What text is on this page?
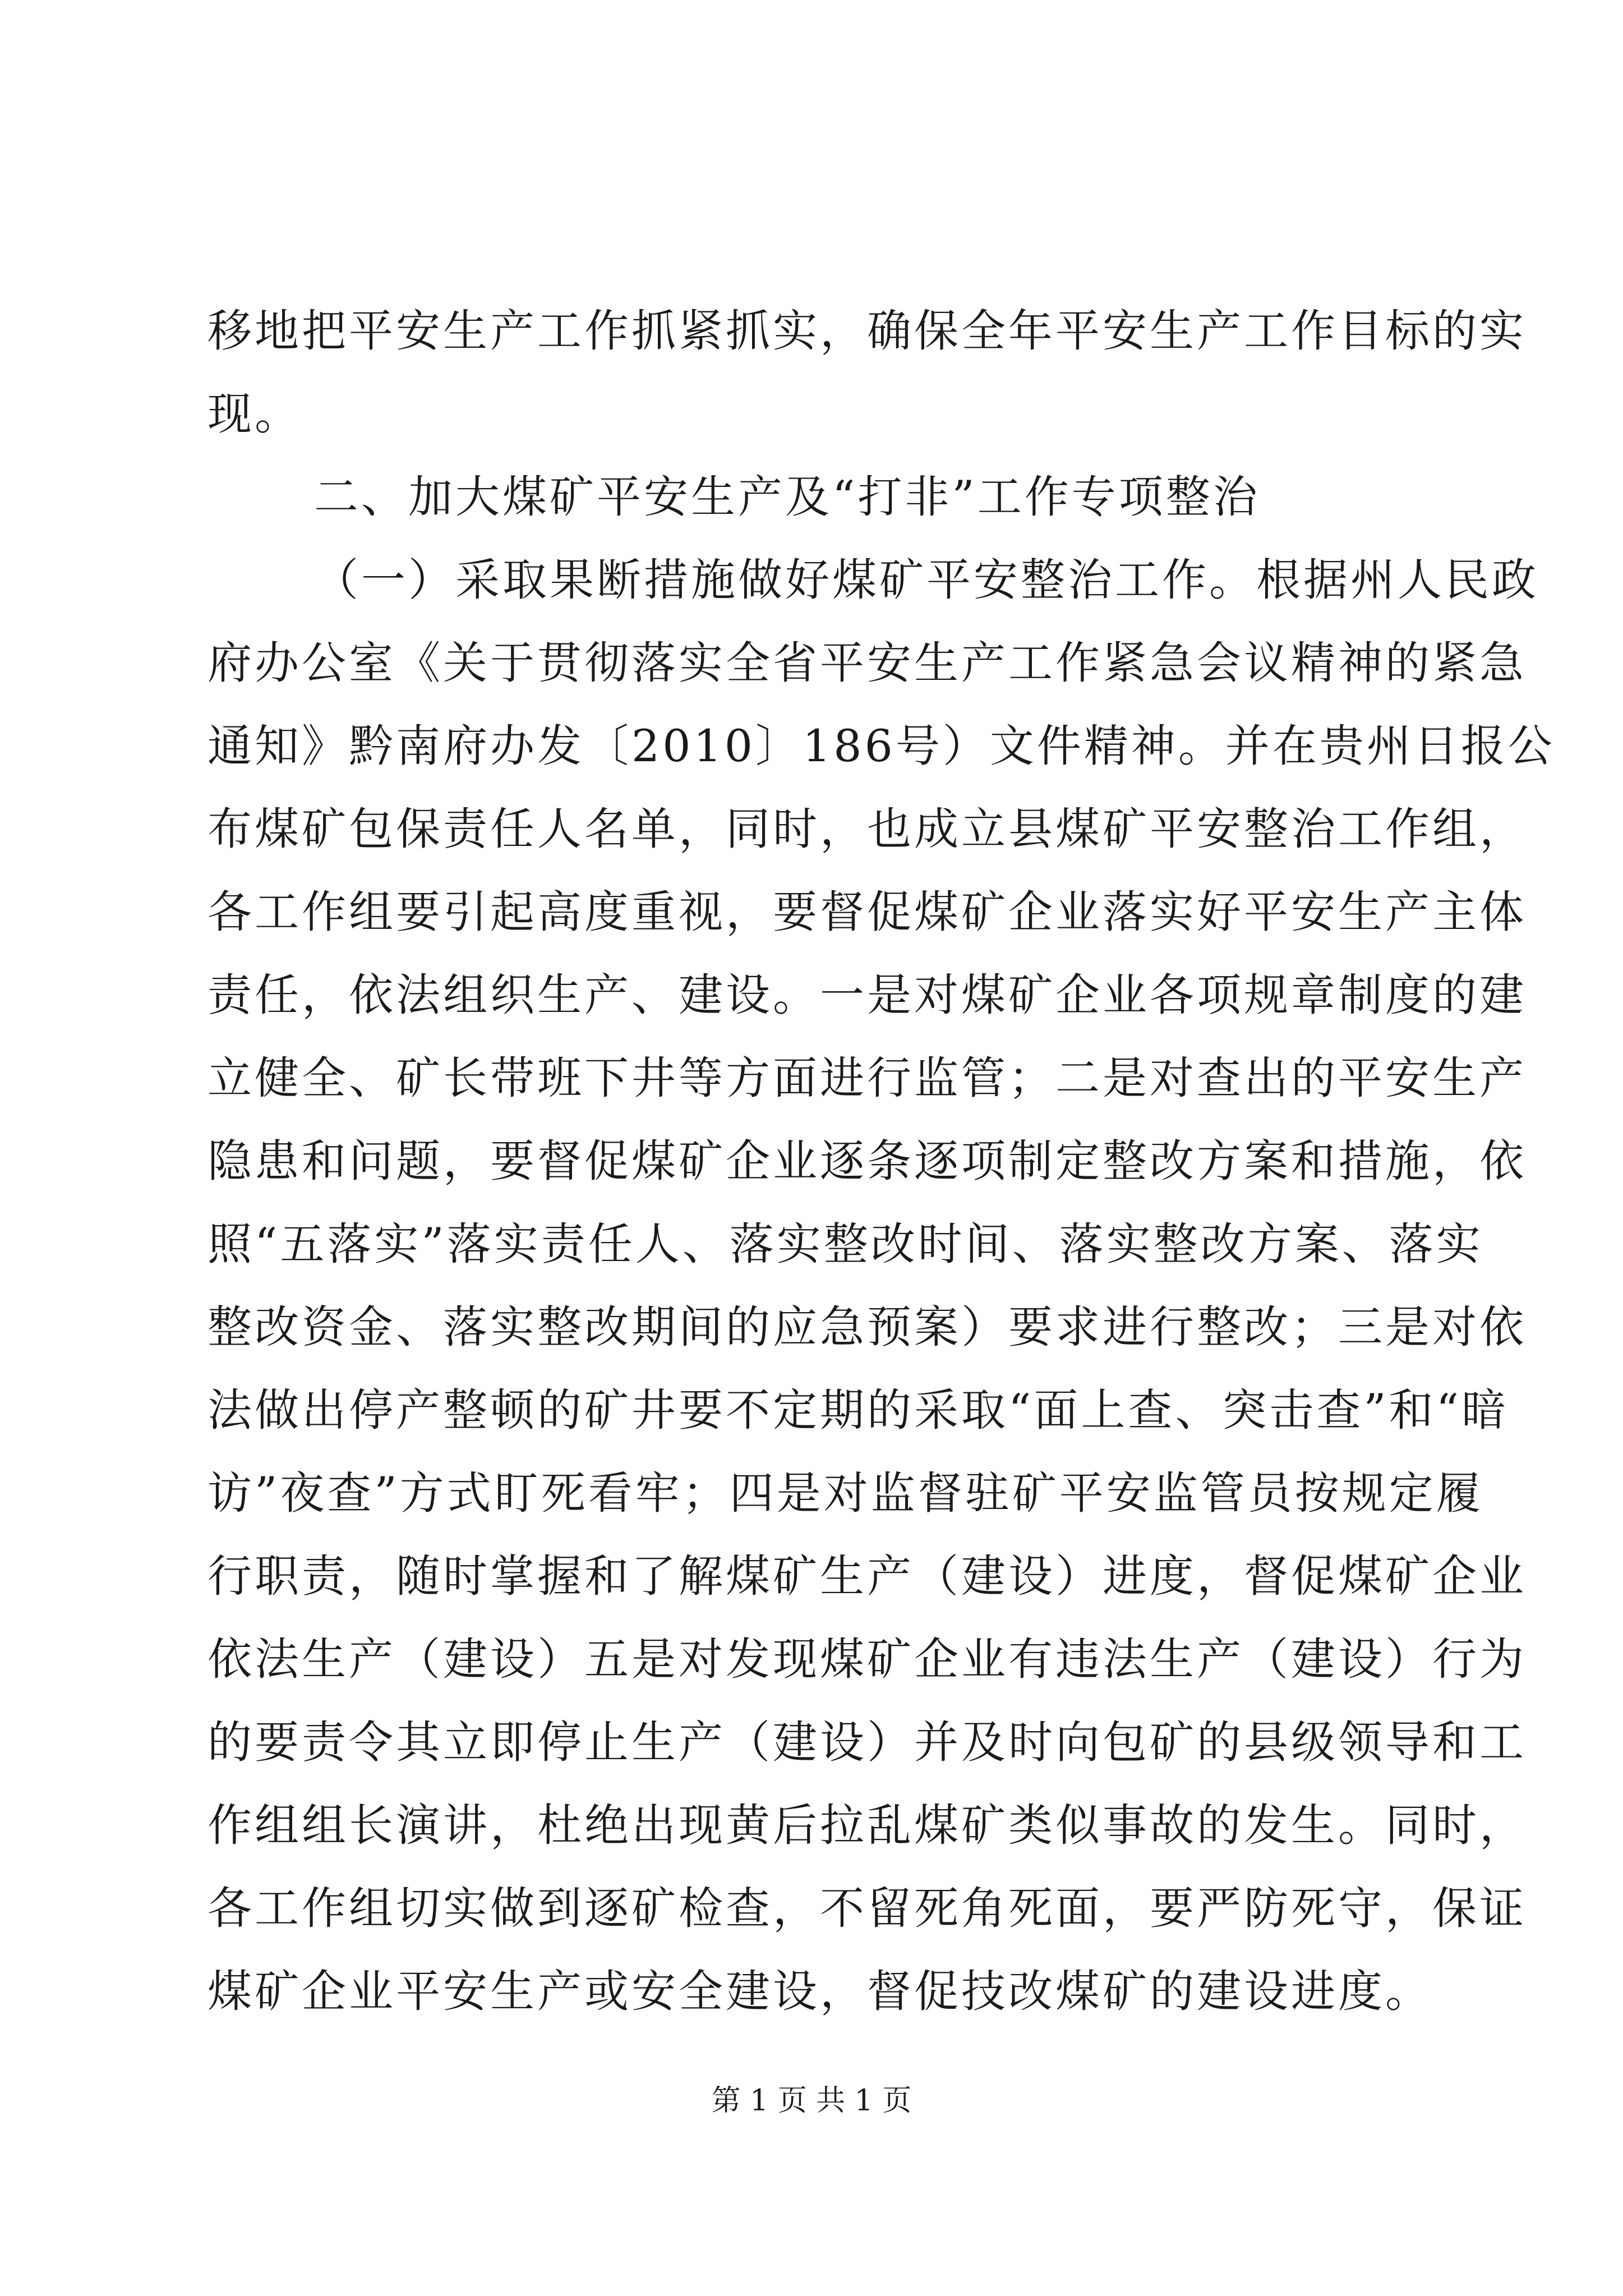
移地把平安生产工作抓紧抓实，确保全年平安生产工作目标的实
现。
二、加大煤矿平安生产及“打非”工作专项整治
（一）采取果断措施做好煤矿平安整治工作。根据州人民政
府办公室《关于贯彻落实全省平安生产工作紧急会议精神的紧急
通知》黔南府办发〔2010〕186号）文件精神。并在贵州日报公
布煤矿包保责任人名单，同时，也成立县煤矿平安整治工作组，
各工作组要引起高度重视，要督促煤矿企业落实好平安生产主体
责任，依法组织生产、建设。一是对煤矿企业各项规章制度的建
立健全、矿长带班下井等方面进行监管；二是对查出的平安生产
隐患和问题，要督促煤矿企业逐条逐项制定整改方案和措施，依
照“五落实”落实责任人、落实整改时间、落实整改方案、落实
整改资金、落实整改期间的应急预案）要求进行整改；三是对依
法做出停产整顿的矿井要不定期的采取“面上查、突击查”和“暗
访”夜查”方式盯死看牢；四是对监督驻矿平安监管员按规定履
行职责，随时掌握和了解煤矿生产（建设）进度，督促煤矿企业
依法生产（建设）五是对发现煤矿企业有违法生产（建设）行为
的要责令其立即停止生产（建设）并及时向包矿的县级领导和工
作组组长演讲，杜绝出现黄后拉乱煤矿类似事故的发生。同时，
各工作组切实做到逐矿检查，不留死角死面，要严防死守，保证
煤矿企业平安生产或安全建设，督促技改煤矿的建设进度。
第 1 页 共 1 页
